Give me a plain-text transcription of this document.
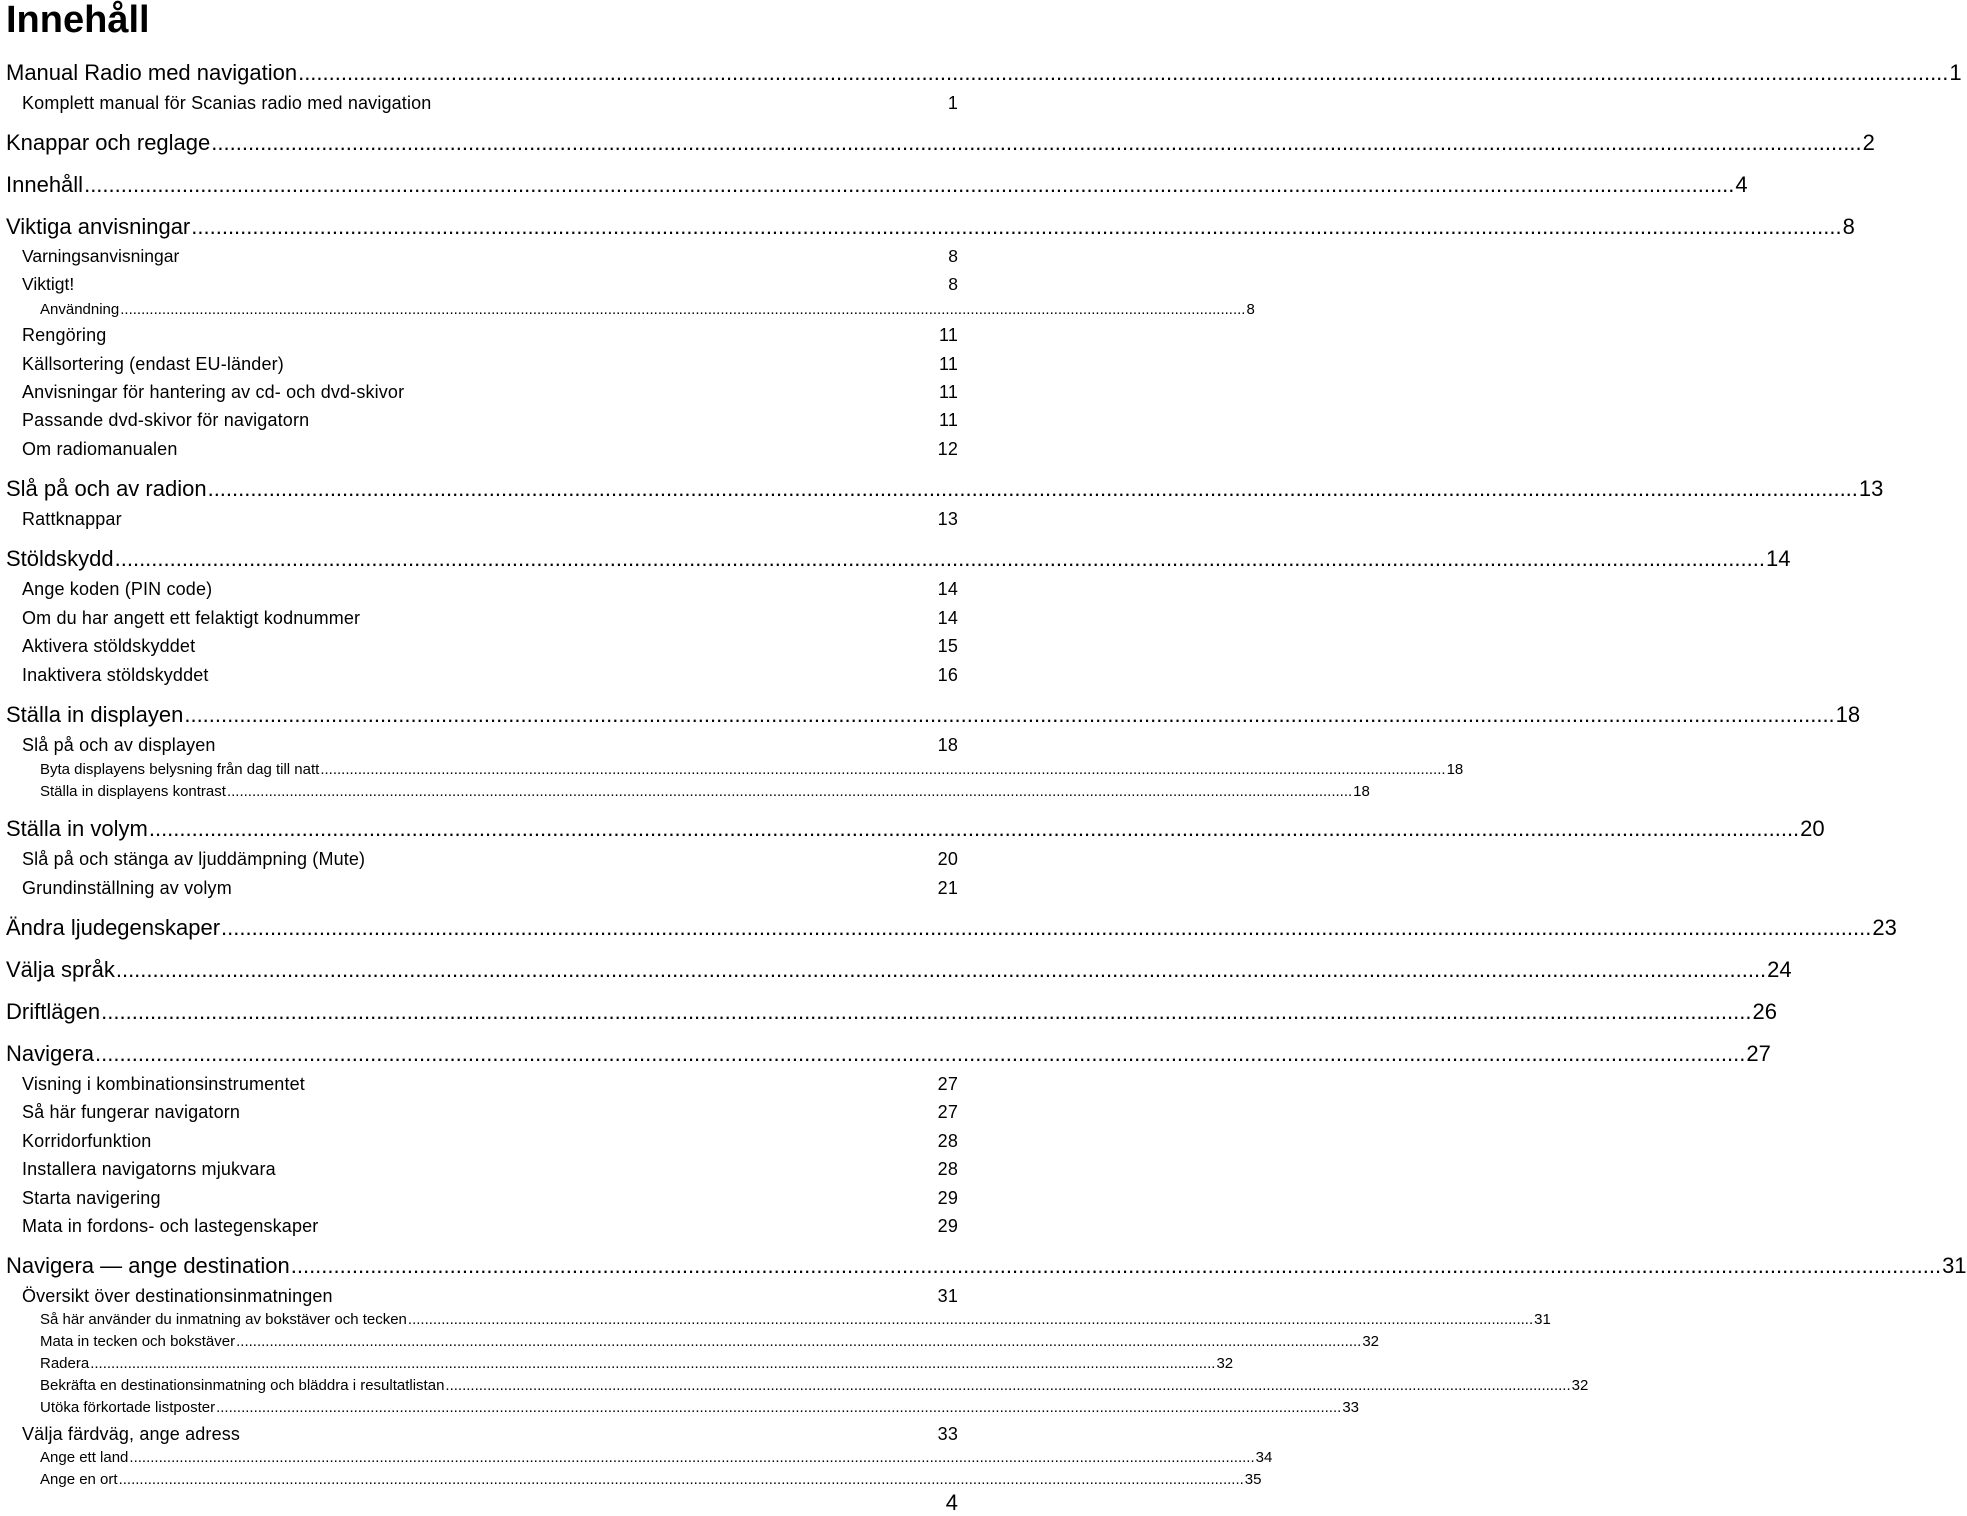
Innehåll
Manual Radio med navigation .............................................................................................................................................................................................................................................................................. 1
Komplett manual för Scanias radio med navigation	1
Knappar och reglage .............................................................................................................................................................................................................................................................................. 2
Innehåll .............................................................................................................................................................................................................................................................................. 4
Viktiga anvisningar .............................................................................................................................................................................................................................................................................. 8
Varningsanvisningar	8
Viktigt!	8
Användning .............................................................................................................................................................................................................................................................................. 8
Rengöring	11
Källsortering (endast EU-länder)	11
Anvisningar för hantering av cd- och dvd-skivor	11
Passande dvd-skivor för navigatorn	11
Om radiomanualen	12
Slå på och av radion .............................................................................................................................................................................................................................................................................. 13
Rattknappar	13
Stöldskydd .............................................................................................................................................................................................................................................................................. 14
Ange koden (PIN code)	14
Om du har angett ett felaktigt kodnummer	14
Aktivera stöldskyddet	15
Inaktivera stöldskyddet	16
Ställa in displayen .............................................................................................................................................................................................................................................................................. 18
Slå på och av displayen	18
Byta displayens belysning från dag till natt .............................................................................................................................................................................................................................................................................. 18
Ställa in displayens kontrast .............................................................................................................................................................................................................................................................................. 18
Ställa in volym .............................................................................................................................................................................................................................................................................. 20
Slå på och stänga av ljuddämpning (Mute)	20
Grundinställning av volym	21
Ändra ljudegenskaper .............................................................................................................................................................................................................................................................................. 23
Välja språk .............................................................................................................................................................................................................................................................................. 24
Driftlägen .............................................................................................................................................................................................................................................................................. 26
Navigera .............................................................................................................................................................................................................................................................................. 27
Visning i kombinationsinstrumentet	27
Så här fungerar navigatorn	27
Korridorfunktion	28
Installera navigatorns mjukvara	28
Starta navigering	29
Mata in fordons- och lastegenskaper	29
Navigera — ange destination .............................................................................................................................................................................................................................................................................. 31
Översikt över destinationsinmatningen	31
Så här använder du inmatning av bokstäver och tecken .............................................................................................................................................................................................................................................................................. 31
Mata in tecken och bokstäver .............................................................................................................................................................................................................................................................................. 32
Radera .............................................................................................................................................................................................................................................................................. 32
Bekräfta en destinationsinmatning och bläddra i resultatlistan .............................................................................................................................................................................................................................................................................. 32
Utöka förkortade listposter .............................................................................................................................................................................................................................................................................. 33
Välja färdväg, ange adress	33
Ange ett land .............................................................................................................................................................................................................................................................................. 34
Ange en ort .............................................................................................................................................................................................................................................................................. 35
4
